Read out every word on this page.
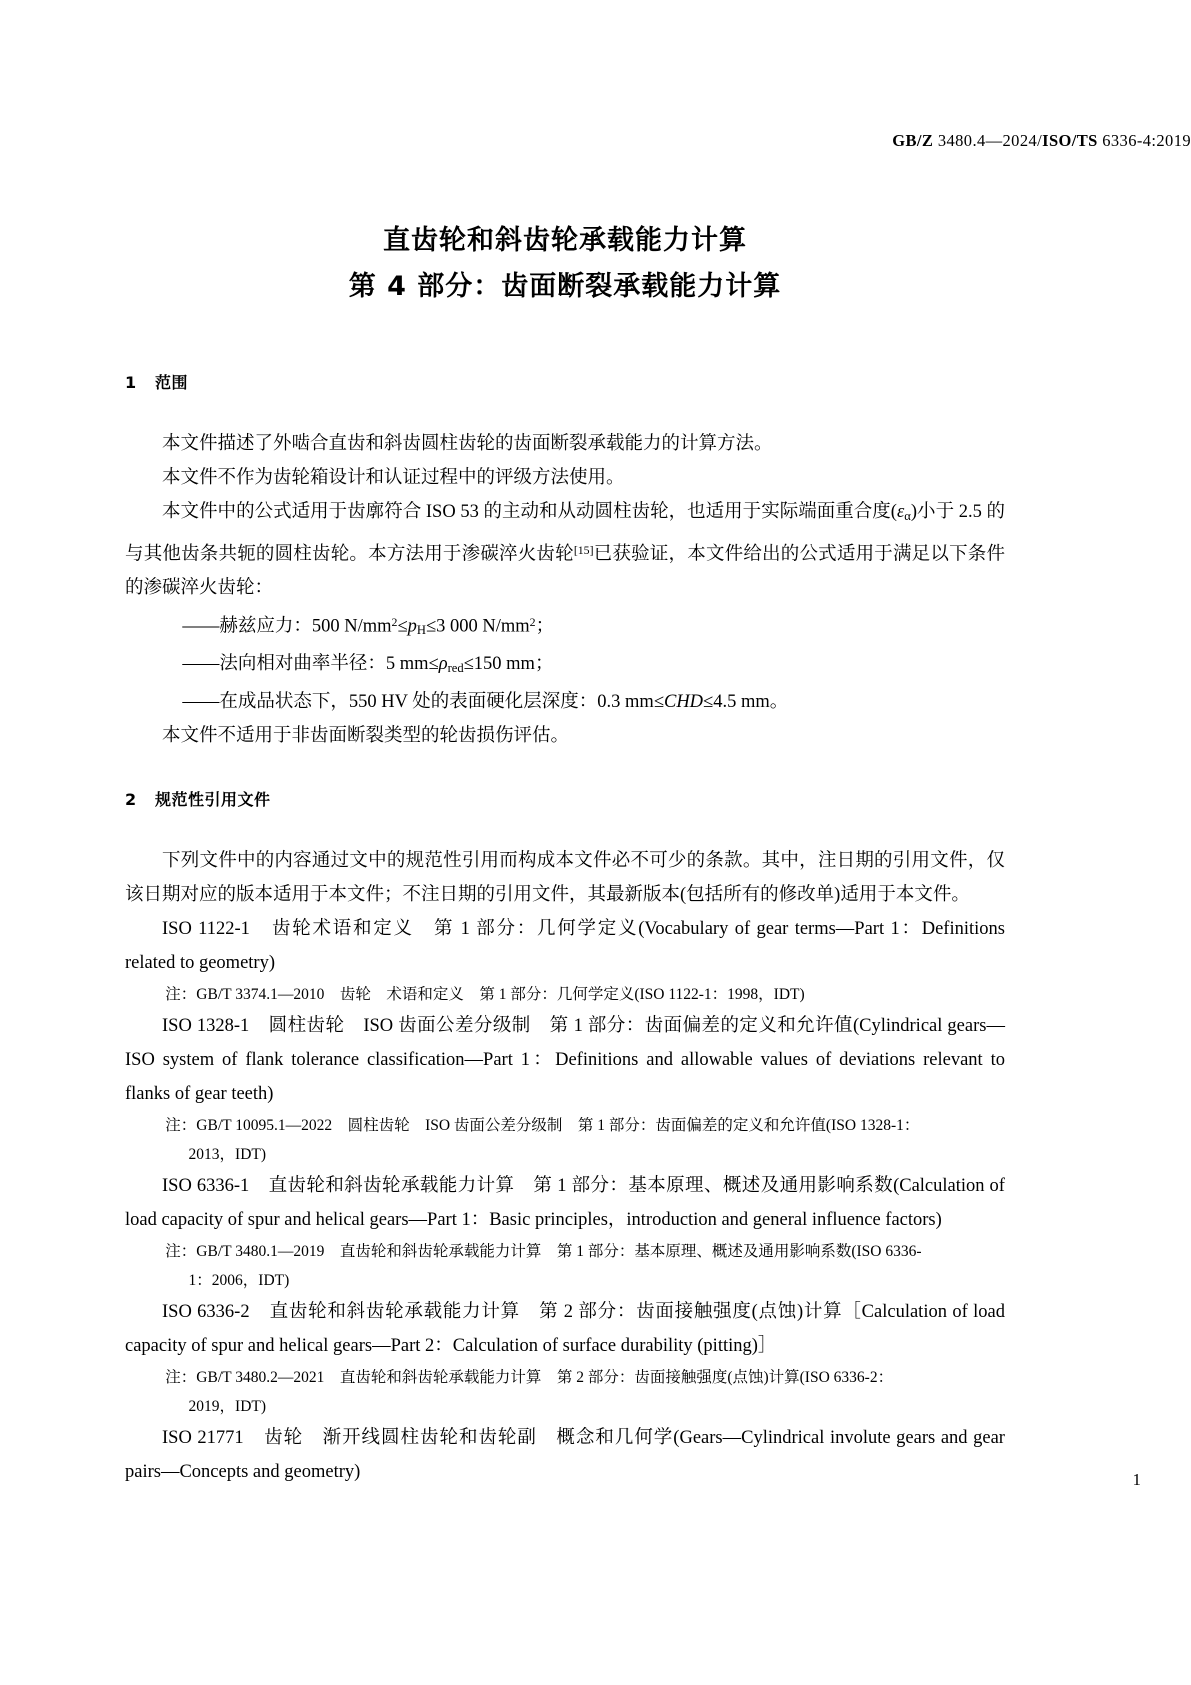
GB/Z 3480.4—2024/ISO/TS 6336-4:2019
直齿轮和斜齿轮承载能力计算
第 4 部分：齿面断裂承载能力计算
1 范围

本文件描述了外啮合直齿和斜齿圆柱齿轮的齿面断裂承载能力的计算方法。

本文件不作为齿轮箱设计和认证过程中的评级方法使用。

本文件中的公式适用于齿廓符合 ISO 53 的主动和从动圆柱齿轮，也适用于实际端面重合度$(\varepsilon_\alpha)$小于 2.5 的与其他齿条共轭的圆柱齿轮。本方法用于渗碳淬火齿轮[15]已获验证，本文件给出的公式适用于满足以下条件的渗碳淬火齿轮：

——赫兹应力：500 $N/mm^2\le p_H\le 3$ 000 $N/mm^2$；

——法向相对曲率半径：5 $mm\le\rho_{red}\le 150$ mm；

——在成品状态下，550 HV 处的表面硬化层深度：0.3 mm≤CHD≤4.5 mm。

本文件不适用于非齿面断裂类型的轮齿损伤评估。

2 规范性引用文件

下列文件中的内容通过文中的规范性引用而构成本文件必不可少的条款。其中，注日期的引用文件，仅该日期对应的版本适用于本文件；不注日期的引用文件，其最新版本(包括所有的修改单)适用于本文件。

ISO 1122-1　 齿轮术语和定义　 第 1 部分：几何学定义(Vocabulary of gear terms—Part 1：Definitions related to geometry)

注：GB/T 3374.1—2010　齿轮　术语和定义　第 1 部分：几何学定义(ISO 1122-1：1998，IDT)

ISO 1328-1　 圆柱齿轮　ISO 齿面公差分级制　 第 1 部分：齿面偏差的定义和允许值(Cylindrical gears—ISO system of flank tolerance classification—Part 1：Definitions and allowable values of deviations relevant to flanks of gear teeth)

注：GB/T 10095.1—2022　圆柱齿轮　ISO 齿面公差分级制　第 1 部分：齿面偏差的定义和允许值(ISO 1328-1：
2013，IDT)

ISO 6336-1　 直齿轮和斜齿轮承载能力计算　 第 1 部分：基本原理、概述及通用影响系数(Calculation of load capacity of spur and helical gears—Part 1：Basic principles，introduction and general influence factors)

注：GB/T 3480.1—2019　直齿轮和斜齿轮承载能力计算　第 1 部分：基本原理、概述及通用影响系数(ISO 6336-
1：2006，IDT)

ISO 6336-2　 直齿轮和斜齿轮承载能力计算　 第 2 部分：齿面接触强度(点蚀)计算［Calculation of load capacity of spur and helical gears—Part 2：Calculation of surface durability (pitting)］

注：GB/T 3480.2—2021　直齿轮和斜齿轮承载能力计算　第 2 部分：齿面接触强度(点蚀)计算(ISO 6336-2：
2019，IDT)

ISO 21771　 齿轮　渐开线圆柱齿轮和齿轮副　 概念和几何学(Gears—Cylindrical involute gears and gear pairs—Concepts and geometry)	1
